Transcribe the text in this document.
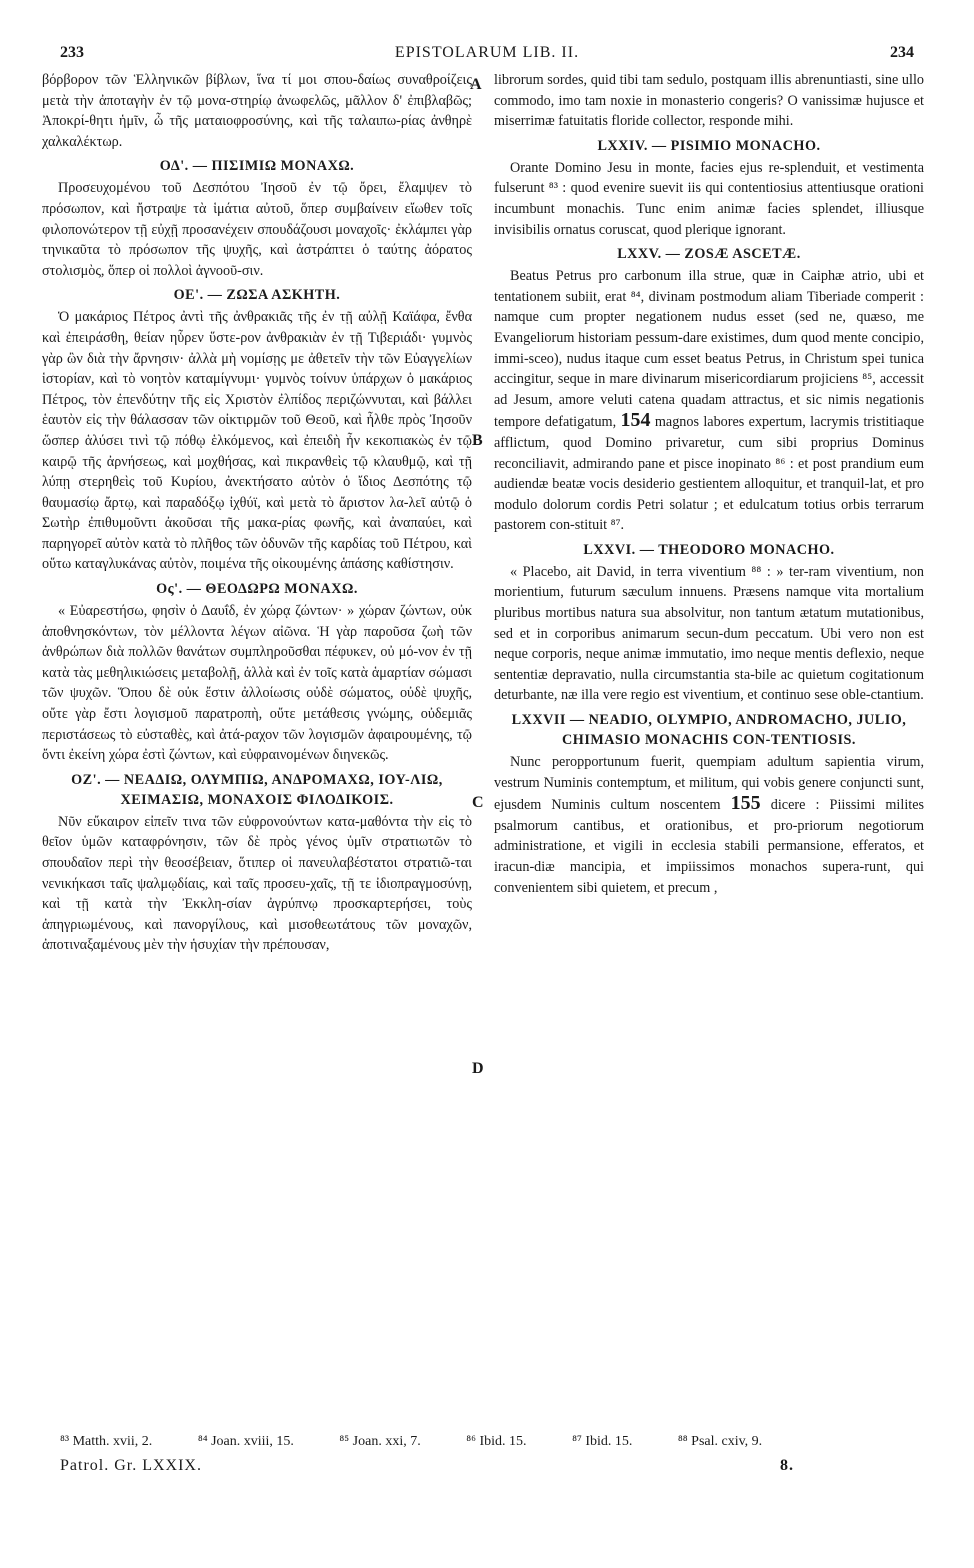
233	EPISTOLARUM LIB. II.	234
A
B
C
D

βόρβορον τῶν Ἑλληνικῶν βίβλων, ἵνα τί μοι σπου-δαίως συναθροίζεις μετὰ τὴν ἀποταγὴν ἐν τῷ μονα-στηρίῳ ἀνωφελῶς, μᾶλλον δ' ἐπιβλαβῶς; Ἀποκρί-θητι ἡμῖν, ὦ τῆς ματαιοφροσύνης, καὶ τῆς ταλαιπω-ρίας ἀνθηρὲ χαλκαλέκτωρ.

ΟΔ'. — ΠΙΣΙΜΙΩ ΜΟΝΑΧΩ.

Προσευχομένου τοῦ Δεσπότου Ἰησοῦ ἐν τῷ ὄρει, ἔλαμψεν τὸ πρόσωπον, καὶ ἤστραψε τὰ ἱμάτια αὐτοῦ, ὅπερ συμβαίνειν εἴωθεν τοῖς φιλοπονώτερον τῇ εὐχῇ προσανέχειν σπουδάζουσι μοναχοῖς· ἐκλάμπει γὰρ τηνικαῦτα τὸ πρόσωπον τῆς ψυχῆς, καὶ ἀστράπτει ὁ ταύτης ἀόρατος στολισμὸς, ὅπερ οἱ πολλοὶ ἀγνοοῦ-σιν.

ΟΕ'. — ΖΩΣΑ ΑΣΚΗΤΗ.

Ὁ μακάριος Πέτρος ἀντὶ τῆς ἀνθρακιᾶς τῆς ἐν τῇ αὐλῇ Καϊάφα, ἔνθα καὶ ἐπειράσθη, θείαν ηὗρεν ὕστε-ρον ἀνθρακιὰν ἐν τῇ Τιβεριάδι· γυμνὸς γὰρ ὢν διὰ τὴν ἄρνησιν· ἀλλὰ μὴ νομίσῃς με ἀθετεῖν τὴν τῶν Εὐαγγελίων ἱστορίαν, καὶ τὸ νοητὸν καταμίγνυμι· γυμνὸς τοίνυν ὑπάρχων ὁ μακάριος Πέτρος, τὸν ἐπενδύτην τῆς εἰς Χριστὸν ἐλπίδος περιζώννυται, καὶ βάλλει ἑαυτὸν εἰς τὴν θάλασσαν τῶν οἰκτιρμῶν τοῦ Θεοῦ, καὶ ἦλθε πρὸς Ἰησοῦν ὥσπερ ἁλύσει τινὶ τῷ πόθῳ ἑλκόμενος, καὶ ἐπειδὴ ἦν κεκοπιακὼς ἐν τῷ καιρῷ τῆς ἀρνήσεως, καὶ μοχθήσας, καὶ πικρανθεὶς τῷ κλαυθμῷ, καὶ τῇ λύπῃ στερηθεὶς τοῦ Κυρίου, ἀνεκτήσατο αὐτὸν ὁ ἴδιος Δεσπότης τῷ θαυμασίῳ ἄρτῳ, καὶ παραδόξῳ ἰχθύϊ, καὶ μετὰ τὸ ἄριστον λα-λεῖ αὐτῷ ὁ Σωτὴρ ἐπιθυμοῦντι ἀκοῦσαι τῆς μακα-ρίας φωνῆς, καὶ ἀναπαύει, καὶ παρηγορεῖ αὐτὸν κατὰ τὸ πλῆθος τῶν ὀδυνῶν τῆς καρδίας τοῦ Πέτρου, καὶ οὕτω καταγλυκάνας αὐτὸν, ποιμένα τῆς οἰκουμένης ἁπάσης καθίστησιν.

Ος'. — ΘΕΟΔΩΡΩ ΜΟΝΑΧΩ.

« Εὐαρεστήσω, φησὶν ὁ Δαυΐδ, ἐν χώρᾳ ζώντων· » χώραν ζώντων, οὐκ ἀποθνησκόντων, τὸν μέλλοντα λέγων αἰῶνα. Ἡ γὰρ παροῦσα ζωὴ τῶν ἀνθρώπων διὰ πολλῶν θανάτων συμπληροῦσθαι πέφυκεν, οὐ μό-νον ἐν τῇ κατὰ τὰς μεθηλικιώσεις μεταβολῇ, ἀλλὰ καὶ ἐν τοῖς κατὰ ἁμαρτίαν σώμασι τῶν ψυχῶν. Ὅπου δὲ οὐκ ἔστιν ἀλλοίωσις οὐδὲ σώματος, οὐδὲ ψυχῆς, οὔτε γὰρ ἔστι λογισμοῦ παρατροπὴ, οὔτε μετάθεσις γνώμης, οὐδεμιᾶς περιστάσεως τὸ εὐσταθὲς, καὶ ἀτά-ραχον τῶν λογισμῶν ἀφαιρουμένης, τῷ ὄντι ἐκείνη χώρα ἐστὶ ζώντων, καὶ εὐφραινομένων διηνεκῶς.

ΟΖ'. — ΝΕΑΔΙΩ, ΟΛΥΜΠΙΩ, ΑΝΔΡΟΜΑΧΩ, ΙΟΥ-ΛΙΩ, ΧΕΙΜΑΣΙΩ, ΜΟΝΑΧΟΙΣ ΦΙΛΟΔΙΚΟΙΣ.

Νῦν εὔκαιρον εἰπεῖν τινα τῶν εὐφρονούντων κατα-μαθόντα τὴν εἰς τὸ θεῖον ὑμῶν καταφρόνησιν, τῶν δὲ πρὸς γένος ὑμῖν στρατιωτῶν τὸ σπουδαῖον περὶ τὴν θεοσέβειαν, ὅτιπερ οἱ πανευλαβέστατοι στρατιῶ-ται νενικήκασι ταῖς ψαλμῳδίαις, καὶ ταῖς προσευ-χαῖς, τῇ τε ἰδιοπραγμοσύνῃ, καὶ τῇ κατὰ τὴν Ἐκκλη-σίαν ἀγρύπνῳ προσκαρτερήσει, τοὺς ἀπηγριωμένους, καὶ πανοργίλους, καὶ μισοθεωτάτους τῶν μοναχῶν, ἀποτιναξαμένους μὲν τὴν ἡσυχίαν τὴν πρέπουσαν,

librorum sordes, quid tibi tam sedulo, postquam illis abrenuntiasti, sine ullo commodo, imo tam noxie in monasterio congeris? O vanissimæ hujusce et miserrimæ fatuitatis floride collector, responde mihi.

LXXIV. — PISIMIO MONACHO.

Orante Domino Jesu in monte, facies ejus re-splenduit, et vestimenta fulserunt ⁸³ : quod evenire suevit iis qui contentiosius attentiusque orationi incumbunt monachis. Tunc enim animæ facies splendet, illiusque invisibilis ornatus coruscat, quod plerique ignorant.

LXXV. — ZOSÆ ASCETÆ.

Beatus Petrus pro carbonum illa strue, quæ in Caiphæ atrio, ubi et tentationem subiit, erat ⁸⁴, divinam postmodum aliam Tiberiade comperit : namque cum propter negationem nudus esset (sed ne, quæso, me Evangeliorum historiam pessum-dare existimes, dum quod mente concipio, immi-sceo), nudus itaque cum esset beatus Petrus, in Christum spei tunica accingitur, seque in mare divinarum misericordiarum projiciens ⁸⁵, accessit ad Jesum, amore veluti catena quadam attractus, et sic nimis negationis tempore defatigatum, 154 magnos labores expertum, lacrymis tristitiaque afflictum, quod Domino privaretur, cum sibi proprius Dominus reconciliavit, admirando pane et pisce inopinato ⁸⁶ : et post prandium eum audiendæ beatæ vocis desiderio gestientem alloquitur, et tranquil-lat, et pro modulo dolorum cordis Petri solatur ; et edulcatum totius orbis terrarum pastorem con-stituit ⁸⁷.

LXXVI. — THEODORO MONACHO.

« Placebo, ait David, in terra viventium ⁸⁸ : » ter-ram viventium, non morientium, futurum sæculum innuens. Præsens namque vita mortalium pluribus mortibus natura sua absolvitur, non tantum ætatum mutationibus, sed et in corporibus animarum secun-dum peccatum. Ubi vero non est neque corporis, neque animæ immutatio, imo neque mentis deflexio, neque sententiæ depravatio, nulla circumstantia sta-bile ac quietum cogitationum deturbante, næ illa vere regio est viventium, et continuo sese oble-ctantium.

LXXVII — NEADIO, OLYMPIO, ANDROMACHO, JULIO, CHIMASIO MONACHIS CON-TENTIOSIS.

Nunc peropportunum fuerit, quempiam adultum sapientia virum, vestrum Numinis contemptum, et militum, qui vobis genere conjuncti sunt, ejusdem Numinis cultum noscentem 155 dicere : Piissimi milites psalmorum cantibus, et orationibus, et pro-priorum negotiorum administratione, et vigili in ecclesia stabili permansione, efferatos, et iracun-diæ mancipia, et impiissimos monachos supera-runt, qui convenientem sibi quietem, et precum ,

⁸³ Matth. xvii, 2.	⁸⁴ Joan. xviii, 15.	⁸⁵ Joan. xxi, 7.	⁸⁶ Ibid. 15.	⁸⁷ Ibid. 15.	⁸⁸ Psal. cxiv, 9.
Patrol. Gr. LXXIX.	8.
